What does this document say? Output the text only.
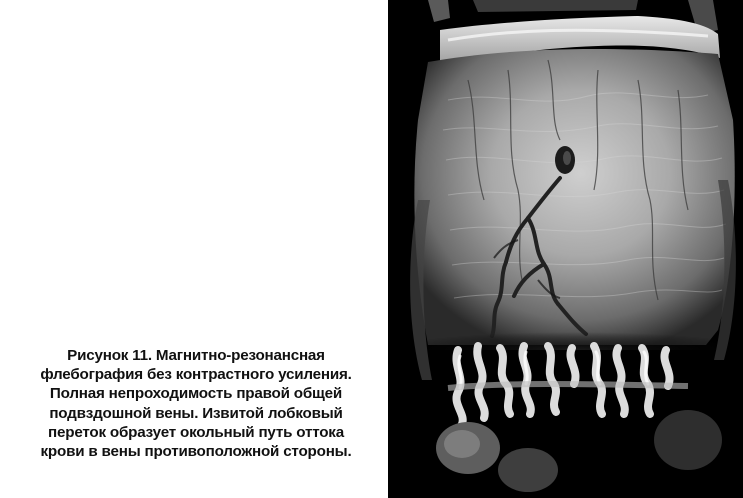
Рисунок 11. Магнитно-резонансная
флебография без контрастного усиления.
Полная непроходимость правой общей
подвздошной вены. Извитой лобковый
переток образует окольный путь оттока
крови в вены противоположной стороны.
